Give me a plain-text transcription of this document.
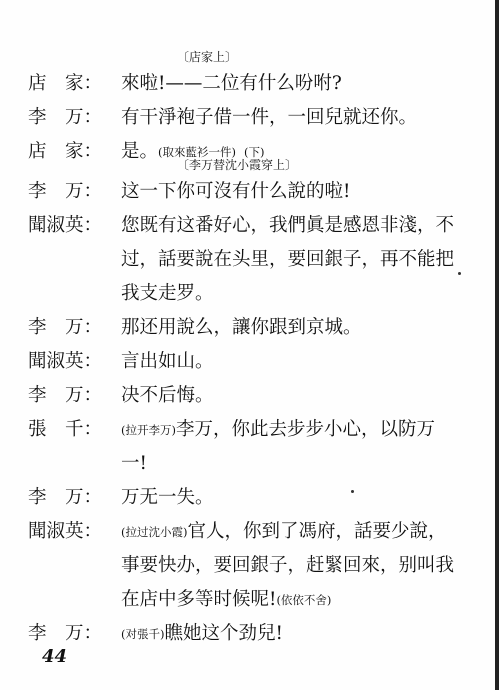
〔店家上〕
店　家：	來啦!——二位有什么吩咐?
李　万：	有干淨袍子借一件，一回兒就还你。
店　家：	是。(取來藍衫一件) (下)
〔李万替沈小霞穿上〕
李　万：	这一下你可沒有什么說的啦!
聞淑英：	您既有这番好心，我們眞是感恩非淺，不
过，話要說在头里，要回銀子，再不能把
我支走罗。
李　万：	那还用說么，讓你跟到京城。
聞淑英：	言出如山。
李　万：	决不后悔。
張　千：	(拉开李万)李万，你此去步步小心，以防万
一!
李　万：	万无一失。
聞淑英：	(拉过沈小霞)官人，你到了馮府，話要少說，
事要快办，要回銀子，赶緊回來，别叫我
在店中多等时候呢!(依依不舍)
李　万：	(对張千)瞧她这个劲兒!
44
